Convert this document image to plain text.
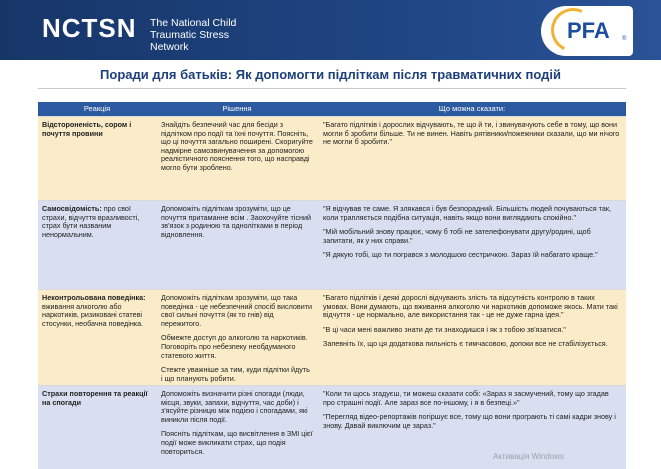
NCTSN The National Child Traumatic Stress Network
PFA ®
Поради для батьків: Як допомогти підліткам після травматичних подій
Реакція	Рішення	Що можна сказати:
Відстороненість, сором і почуття провини

Знайдіть безпечний час для бесіди з підлітком про події та їхні почуття. Поясніть, що ці почуття загально поширені. Скоригуйте надмірне самозвинувачення за допомогою реалістичного пояснення того, що насправді могло бути зроблено.

"Багато підлітків і дорослих відчувають, те що й ти, і звинувачують себе в тому, що вони могли б зробити більше. Ти не винен. Навіть рятівники/пожежники сказали, що ми нічого не могли б зробити."

Самосвідомість: про свої страхи, відчуття вразливості, страх бути названим ненормальним.

Допоможіть підліткам зрозуміти, що це почуття притаманне всім . Заохочуйте тісний зв'язок з родиною та однолітками в період відновлення.

"Я відчував те саме. Я злякався і був безпорадний. Більшість людей почуваються так, коли трапляється подібна ситуація, навіть якщо вони виглядають спокійно."

"Мій мобільний знову працює, чому б тобі не зателефонувати другу/родині, щоб запитати, як у них справи."

"Я дякую тобі, що ти погрався з молодшою сестричкою. Зараз їй набагато краще."

Неконтрольована поведінка: вживання алкоголю або наркотиків, ризиковані статеві стосунки, необачна поведінка.

Допоможіть підліткам зрозуміти, що така поведінка - це небезпечний спосіб висловити свої сильні почуття (як то гнів) від пережитого.

Обмежте доступ до алкоголю та наркотиків. Поговоріть про небезпеку необдуманого статевого життя.

Стежте уважніше за тим, куди підлітки йдуть і що планують робити.

"Багато підлітків і деякі дорослі відчувають злість та відсутність контролю в таких умовах. Вони думають, що вживання алкоголю чи наркотиків допоможе якось. Мати такі відчуття - це нормально, але використання так - це не дуже гарна ідея."

"В ці часи мені важливо знати де ти знаходишся і як з тобою зв'язатися."

Запевніть їх, що ця додаткова пильність є тимчасовою, допоки все не стабілізується.

Страхи повторення та реакції на спогади

Допоможіть визначити різні спогади (люди, місця, звуки, запахи, відчуття, час доби) і з'ясуйте різницю між подією і спогадами, які виникли після події.

Поясніть підліткам, що висвітлення в ЗМІ цієї події може викликати страх, що подія повториться.

"Коли ти щось згадуєш, ти можеш сказати собі: «Зараз я засмучений, тому що згадав про страшні події. Але зараз все по-іншому, і я в безпеці.»"

"Перегляд відео-репортажів погіршує все, тому що вони програють ті самі кадри знову і знову. Давай виключим це зараз."

Активація Windows
